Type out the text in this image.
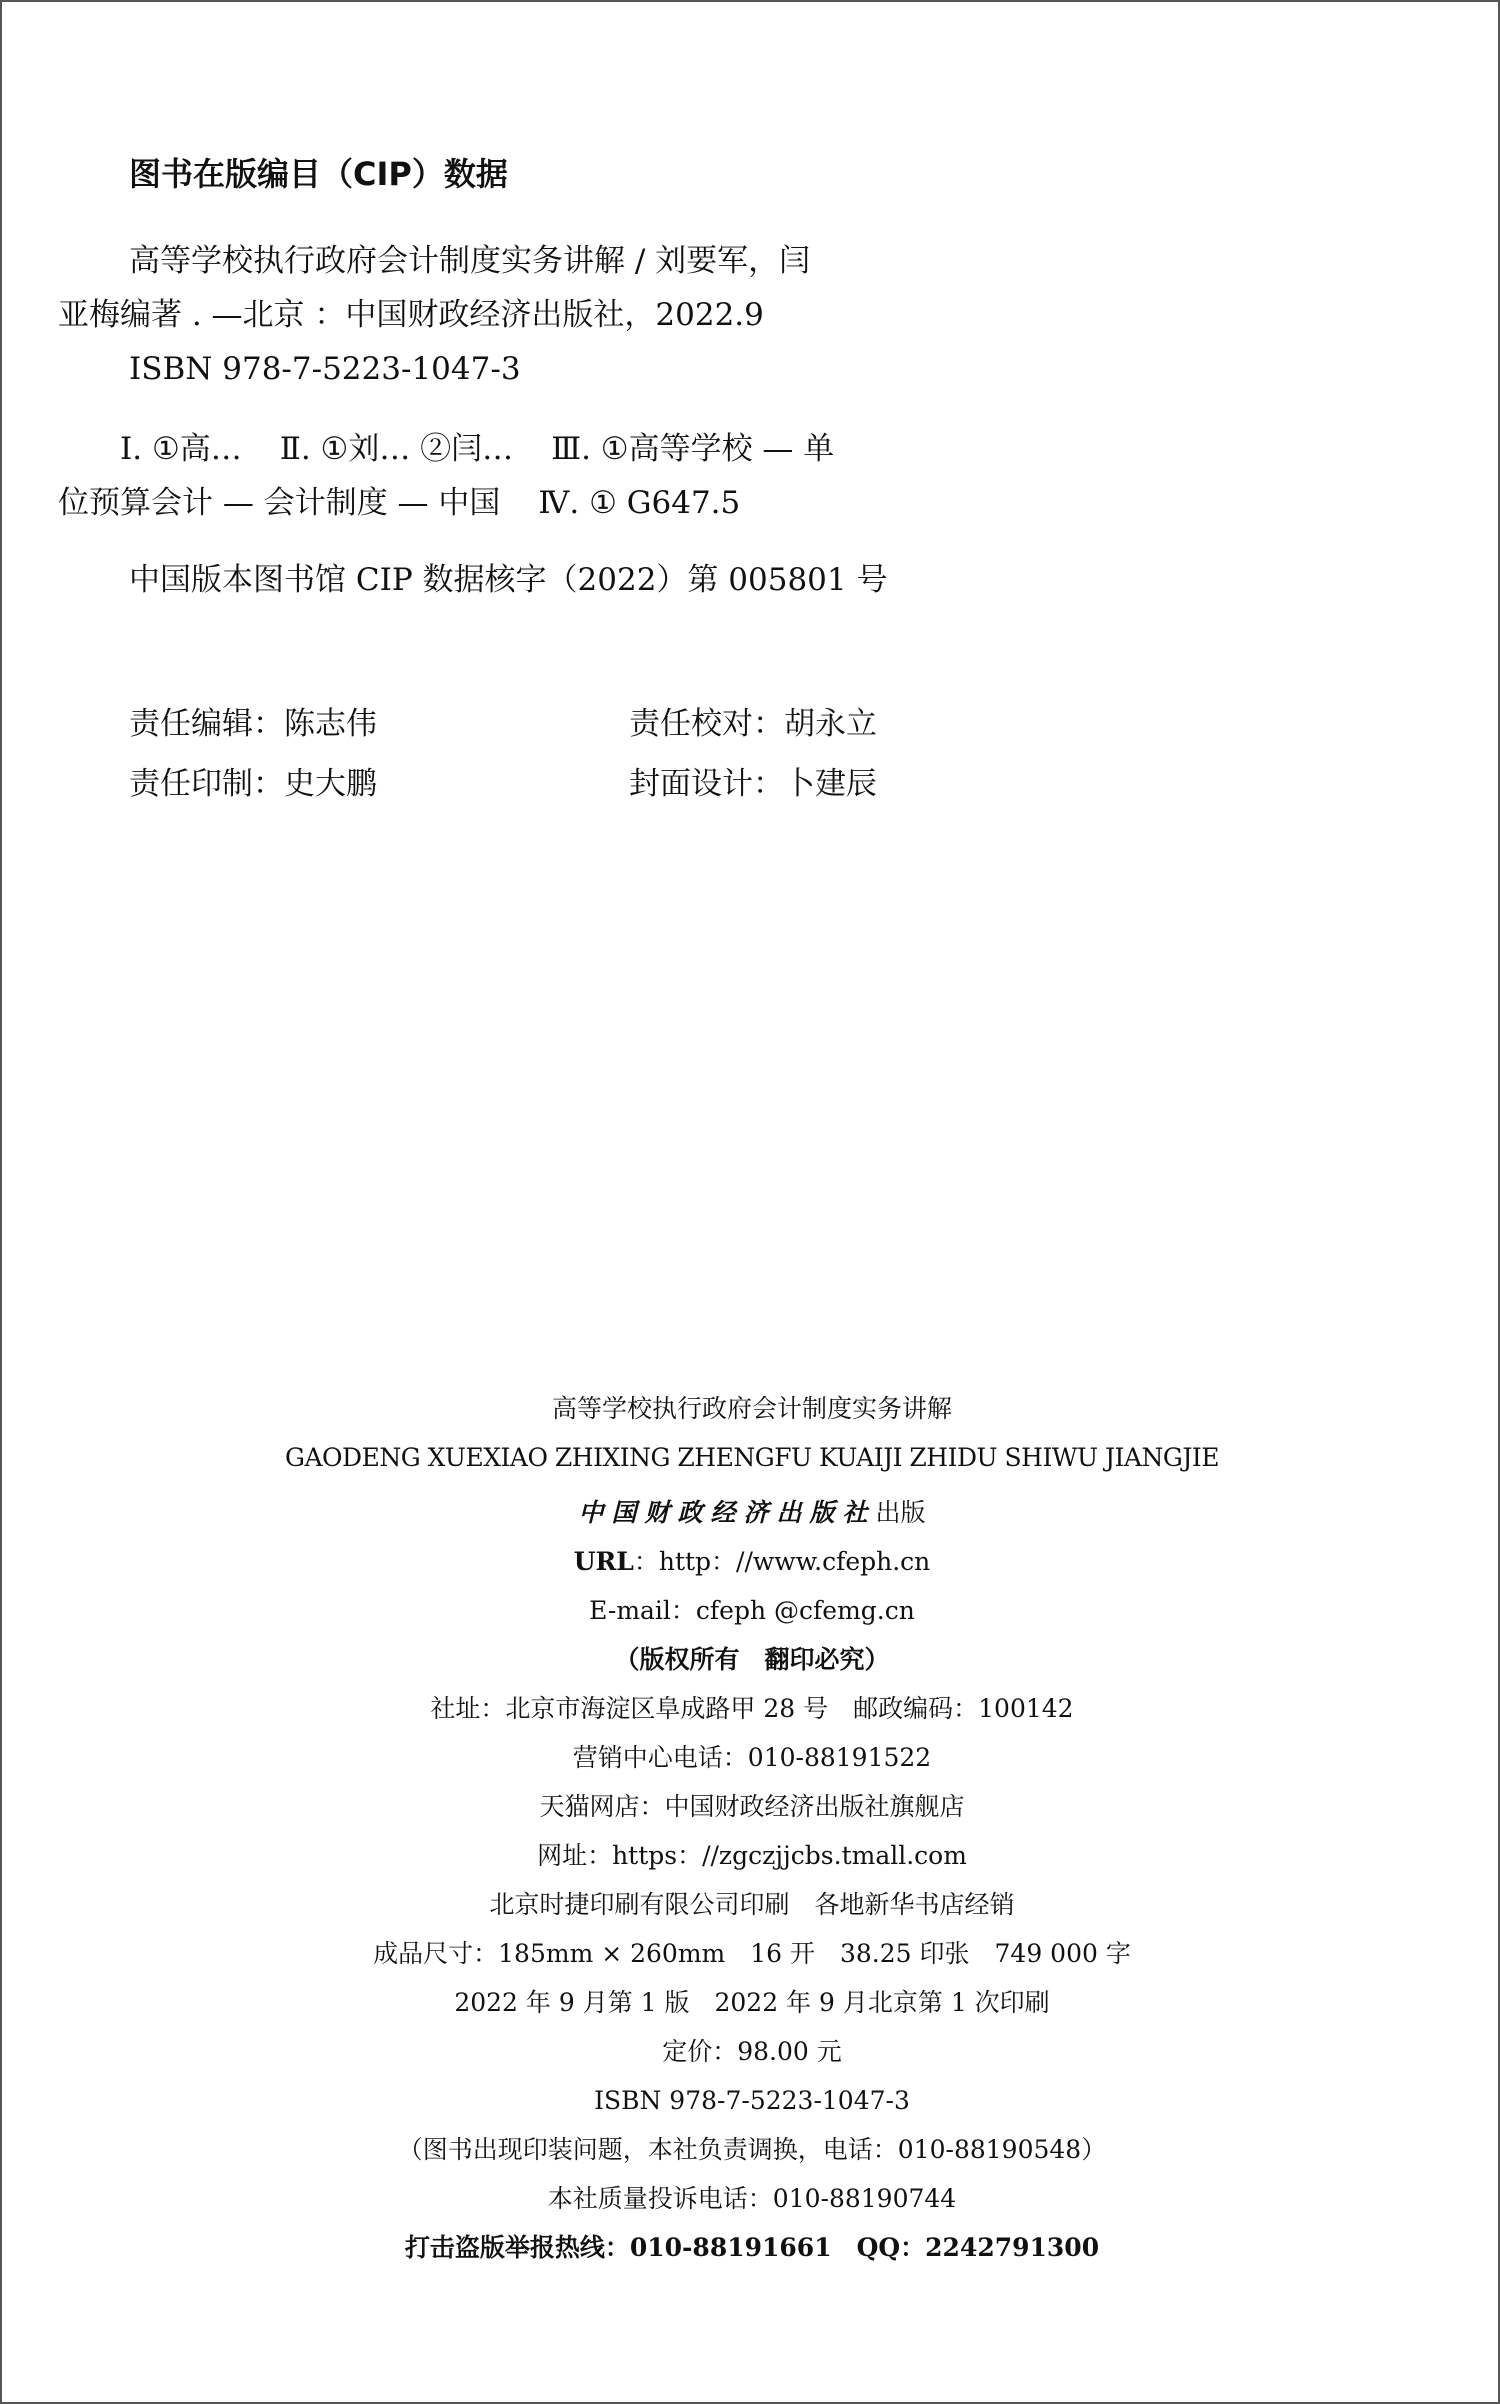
图书在版编目（CIP）数据
高等学校执行政府会计制度实务讲解 / 刘要军，闫
亚梅编著 . —北京 ：中国财政经济出版社，2022.9
ISBN 978-7-5223-1047-3
Ⅰ. ①高… Ⅱ. ①刘… ②闫… Ⅲ. ①高等学校 — 单
位预算会计 — 会计制度 — 中国 Ⅳ. ① G647.5
中国版本图书馆 CIP 数据核字（2022）第 005801 号
责任编辑：陈志伟	责任校对：胡永立
责任印制：史大鹏	封面设计：卜建辰
高等学校执行政府会计制度实务讲解
GAODENG XUEXIAO ZHIXING ZHENGFU KUAIJI ZHIDU SHIWU JIANGJIE
中国财政经济出版社出版
URL：http：//www.cfeph.cn
E-mail：cfeph @cfemg.cn
（版权所有　翻印必究）
社址：北京市海淀区阜成路甲 28 号　邮政编码：100142
营销中心电话：010-88191522
天猫网店：中国财政经济出版社旗舰店
网址：https：//zgczjjcbs.tmall.com
北京时捷印刷有限公司印刷　各地新华书店经销
成品尺寸：185mm × 260mm　16 开　38.25 印张　749 000 字
2022 年 9 月第 1 版　2022 年 9 月北京第 1 次印刷
定价：98.00 元
ISBN 978-7-5223-1047-3
（图书出现印装问题，本社负责调换，电话：010-88190548）
本社质量投诉电话：010-88190744
打击盗版举报热线：010-88191661　QQ：2242791300
